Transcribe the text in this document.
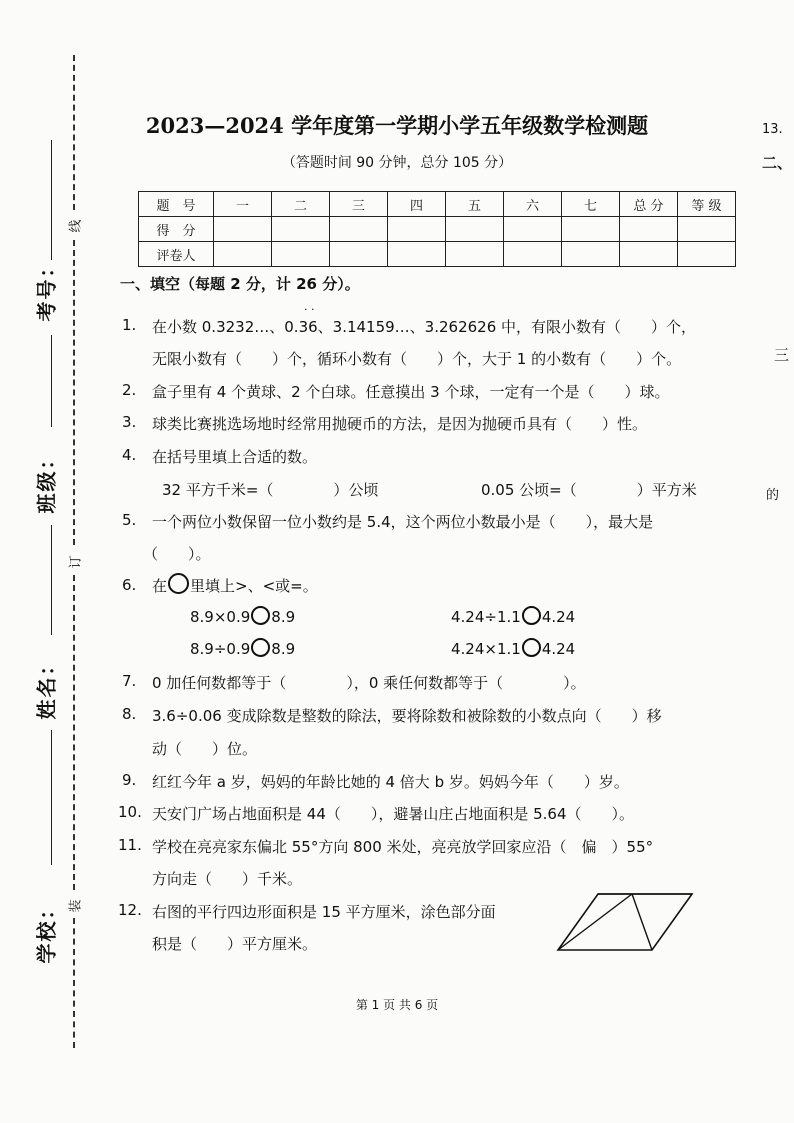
考号：
班级：
姓名：
学校：
线
订
装
2023—2024 学年度第一学期小学五年级数学检测题
（答题时间 90 分钟，总分 105 分）
题　号	一	二	三	四	五	六	七	总 分	等 级
得　分									
评卷人									
一、填空（每题 2 分，计 26 分）。
1.
· ·
在小数 0.3232…、0.36、3.14159…、3.262626 中，有限小数有（　　）个，
无限小数有（　　）个，循环小数有（　　）个，大于 1 的小数有（　　）个。
2. 盒子里有 4 个黄球、2 个白球。任意摸出 3 个球，一定有一个是（　　）球。
3. 球类比赛挑选场地时经常用抛硬币的方法，是因为抛硬币具有（　　）性。
4. 在括号里填上合适的数。
32 平方千米=（　　　　）公顷	0.05 公顷=（　　　　）平方米
5. 一个两位小数保留一位小数约是 5.4，这个两位小数最小是（　　），最大是
（　　）。
6. 在 里填上>、<或=。
8.9×0.9 8.9	4.24÷1.1 4.24
8.9÷0.9 8.9	4.24×1.1 4.24
7. 0 加任何数都等于（　　　　），0 乘任何数都等于（　　　　）。
8. 3.6÷0.06 变成除数是整数的除法，要将除数和被除数的小数点向（　　）移
动（　　）位。
9. 红红今年 a 岁，妈妈的年龄比她的 4 倍大 b 岁。妈妈今年（　　）岁。
10. 天安门广场占地面积是 44（　　），避暑山庄占地面积是 5.64（　　）。
11. 学校在亮亮家东偏北 55°方向 800 米处，亮亮放学回家应沿（　偏　）55°
方向走（　　）千米。
12. 右图的平行四边形面积是 15 平方厘米，涂色部分面
积是（　　）平方厘米。
第 1 页 共 6 页
13.
二、
三
的
